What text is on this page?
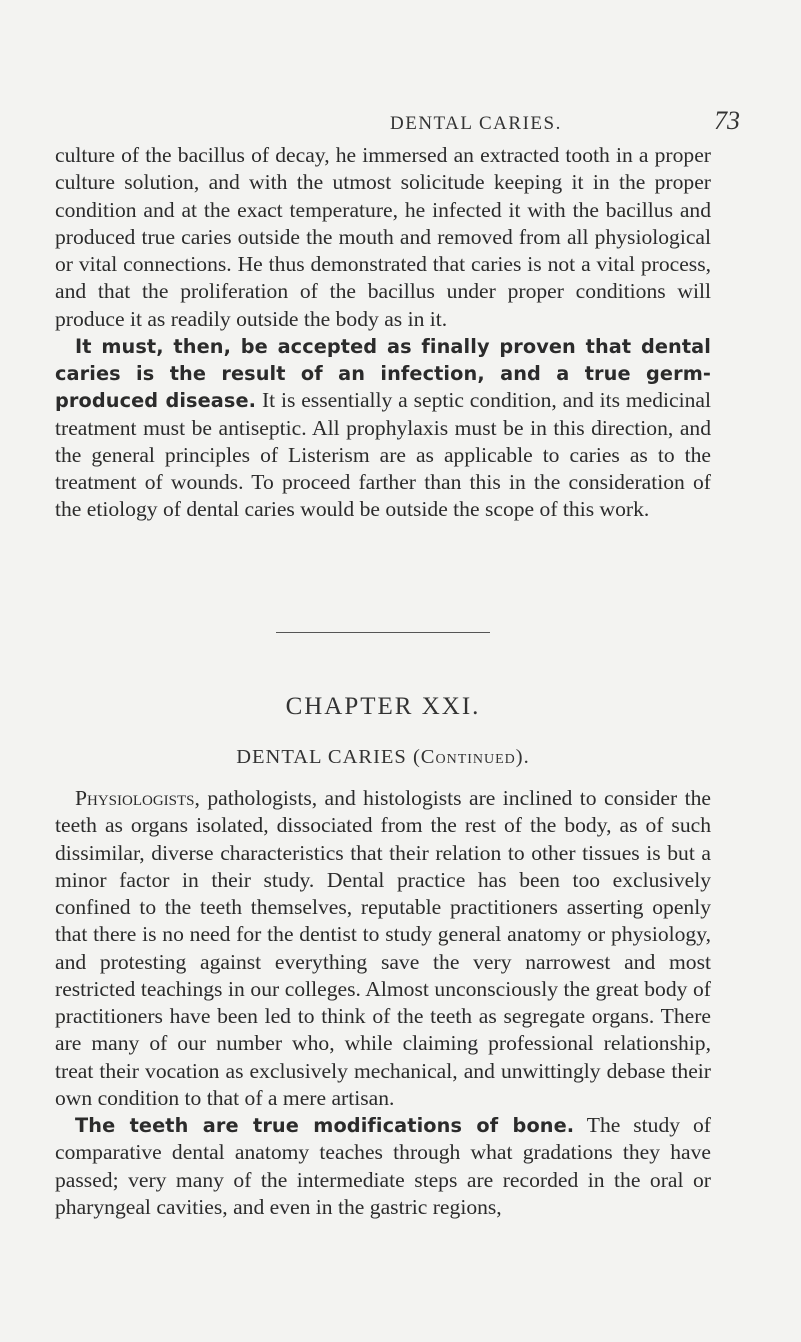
DENTAL CARIES.	73

culture of the bacillus of decay, he immersed an extracted tooth in a proper culture solution, and with the utmost solicitude keeping it in the proper condition and at the exact temperature, he infected it with the bacillus and produced true caries outside the mouth and removed from all physiological or vital connections. He thus demonstrated that caries is not a vital process, and that the proliferation of the bacillus under proper conditions will produce it as readily outside the body as in it.

It must, then, be accepted as finally proven that dental caries is the result of an infection, and a true germ-produced disease. It is essentially a septic condition, and its medicinal treatment must be antiseptic. All prophylaxis must be in this direction, and the general principles of Listerism are as applicable to caries as to the treatment of wounds. To proceed farther than this in the consideration of the etiology of dental caries would be outside the scope of this work.

CHAPTER XXI.
DENTAL CARIES (Continued).

Physiologists, pathologists, and histologists are inclined to consider the teeth as organs isolated, dissociated from the rest of the body, as of such dissimilar, diverse characteristics that their relation to other tissues is but a minor factor in their study. Dental practice has been too exclusively confined to the teeth themselves, reputable practitioners asserting openly that there is no need for the dentist to study general anatomy or physiology, and protesting against everything save the very narrowest and most restricted teachings in our colleges. Almost unconsciously the great body of practitioners have been led to think of the teeth as segregate organs. There are many of our number who, while claiming professional relationship, treat their vocation as exclusively mechanical, and unwittingly debase their own condition to that of a mere artisan.

The teeth are true modifications of bone. The study of comparative dental anatomy teaches through what gradations they have passed; very many of the intermediate steps are recorded in the oral or pharyngeal cavities, and even in the gastric regions,
